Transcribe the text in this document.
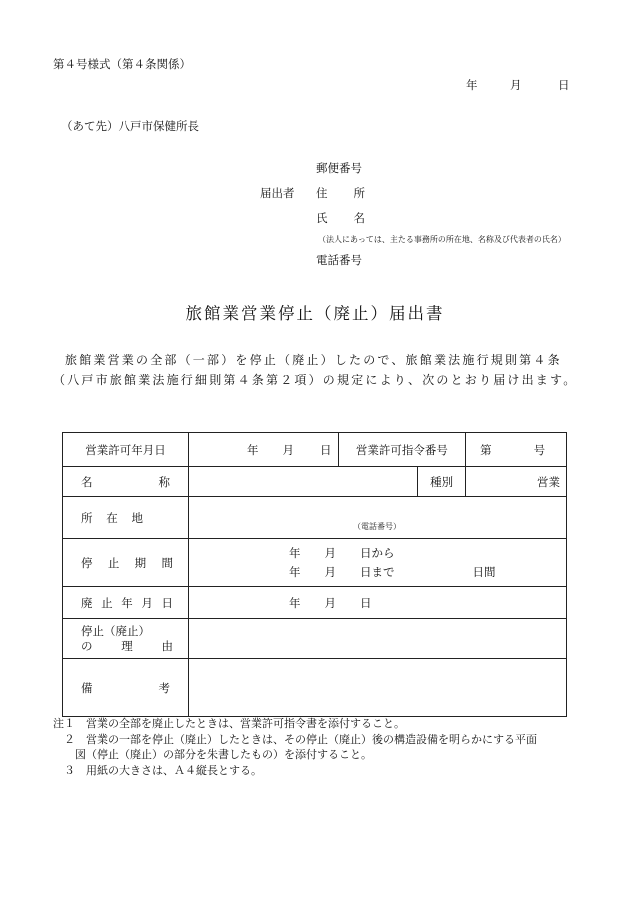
第４号様式（第４条関係）
年	月	日
（あて先）八戸市保健所長
郵便番号
届出者 住 所
氏 名
（法人にあっては、主たる事務所の所在地、名称及び代表者の氏名）
電話番号
旅館業営業停止（廃止）届出書
旅館業営業の全部（一部）を停止（廃止）したので、旅館業法施行規則第４条（八戸市旅館業法施行細則第４条第２項）の規定により、次のとおり届け出ます。
営業許可年月日	年 月 日	営業許可指令番号		第 号
名 称			種別	営業
所在地	（電話番号）			

停止期間	年 月 日から
年 月 日まで 日間			

廃止年月日	年 月 日			

停止（廃止）
の 理 由				

備 考				
注１　営業の全部を廃止したときは、営業許可指令書を添付すること。
　２　営業の一部を停止（廃止）したときは、その停止（廃止）後の構造設備を明らかにする平面
　　図（停止（廃止）の部分を朱書したもの）を添付すること。
　３　用紙の大きさは、Ａ４縦長とする。
